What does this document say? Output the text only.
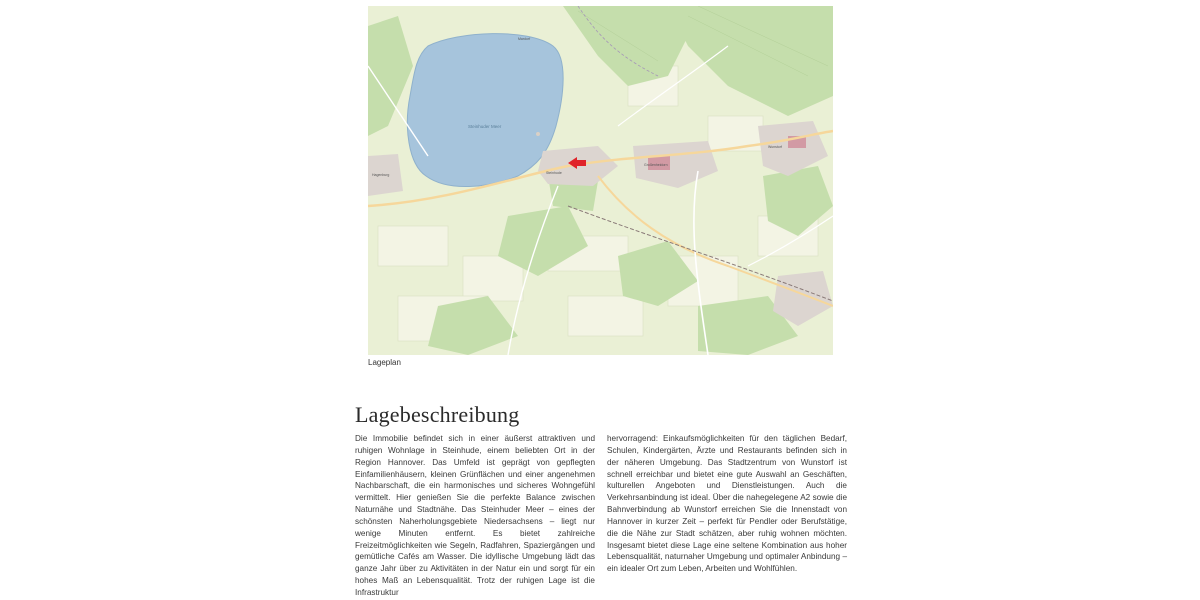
Steinhuder Meer
Steinhude
Wunstorf
Mardorf
Hagenburg
Großenheidorn
Lageplan
Lagebeschreibung

Die Immobilie befindet sich in einer äußerst attraktiven und ruhigen Wohnlage in Steinhude, einem beliebten Ort in der Region Hannover. Das Umfeld ist geprägt von gepflegten Einfamilienhäusern, kleinen Grünflächen und einer angenehmen Nachbarschaft, die ein harmonisches und sicheres Wohngefühl vermittelt. Hier genießen Sie die perfekte Balance zwischen Naturnähe und Stadtnähe. Das Steinhuder Meer – eines der schönsten Naherholungsgebiete Niedersachsens – liegt nur wenige Minuten entfernt. Es bietet zahlreiche Freizeitmöglichkeiten wie Segeln, Radfahren, Spaziergängen und gemütliche Cafés am Wasser. Die idyllische Umgebung lädt das ganze Jahr über zu Aktivitäten in der Natur ein und sorgt für ein hohes Maß an Lebensqualität. Trotz der ruhigen Lage ist die Infrastruktur

hervorragend: Einkaufsmöglichkeiten für den täglichen Bedarf, Schulen, Kindergärten, Ärzte und Restaurants befinden sich in der näheren Umgebung. Das Stadtzentrum von Wunstorf ist schnell erreichbar und bietet eine gute Auswahl an Geschäften, kulturellen Angeboten und Dienstleistungen. Auch die Verkehrsanbindung ist ideal. Über die nahegelegene A2 sowie die Bahnverbindung ab Wunstorf erreichen Sie die Innenstadt von Hannover in kurzer Zeit – perfekt für Pendler oder Berufstätige, die die Nähe zur Stadt schätzen, aber ruhig wohnen möchten. Insgesamt bietet diese Lage eine seltene Kombination aus hoher Lebensqualität, naturnaher Umgebung und optimaler Anbindung – ein idealer Ort zum Leben, Arbeiten und Wohlfühlen.
